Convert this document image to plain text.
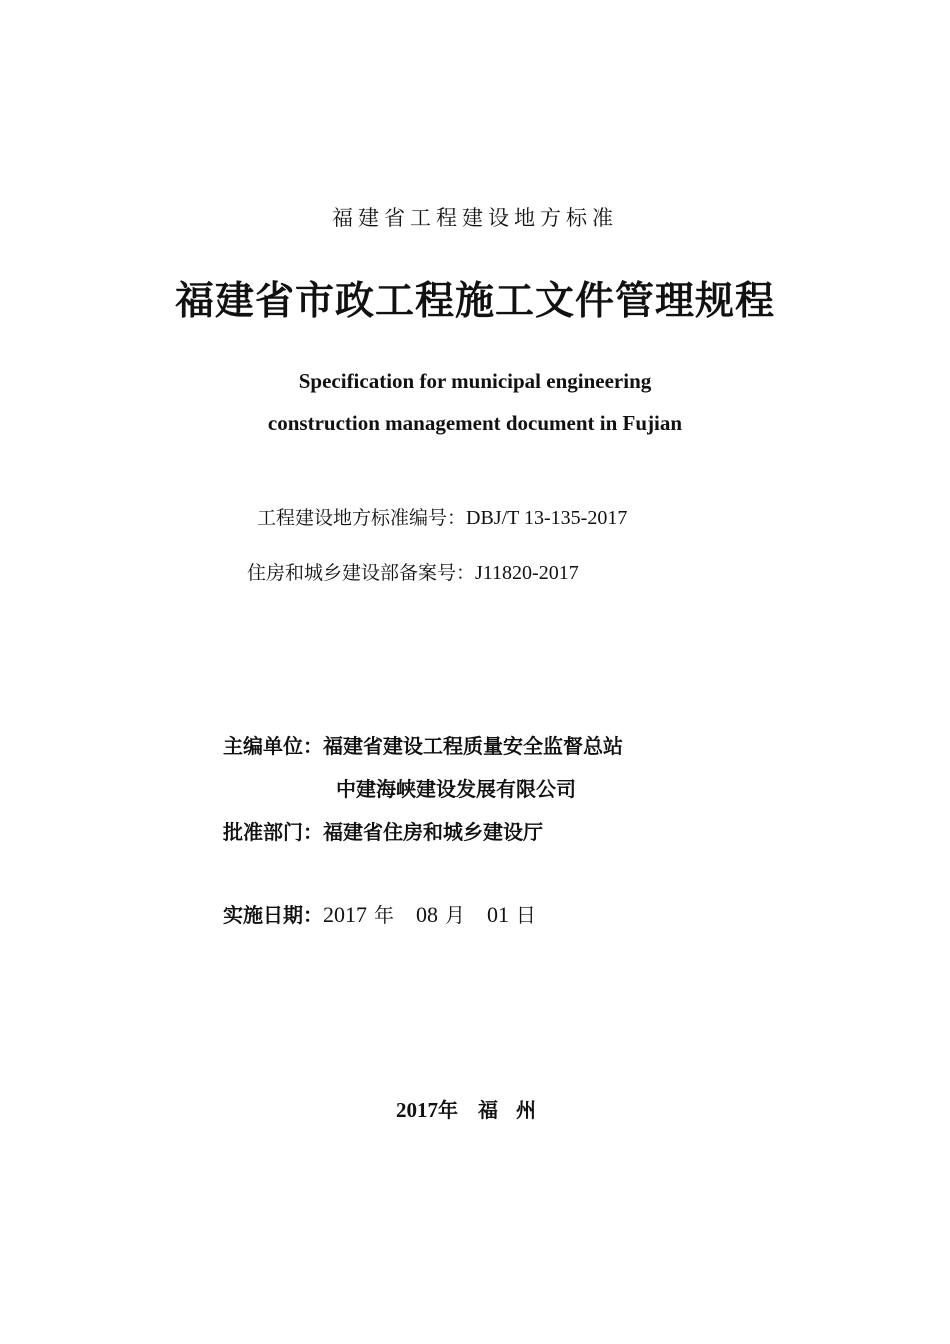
福建省工程建设地方标准
福建省市政工程施工文件管理规程
Specification for municipal engineering
construction management document in Fujian
工程建设地方标准编号：DBJ/T 13-135-2017
住房和城乡建设部备案号：J11820-2017
主编单位：福建省建设工程质量安全监督总站
中建海峡建设发展有限公司
批准部门：福建省住房和城乡建设厅
实施日期：2017 年 08 月 01 日
2017年 福州
